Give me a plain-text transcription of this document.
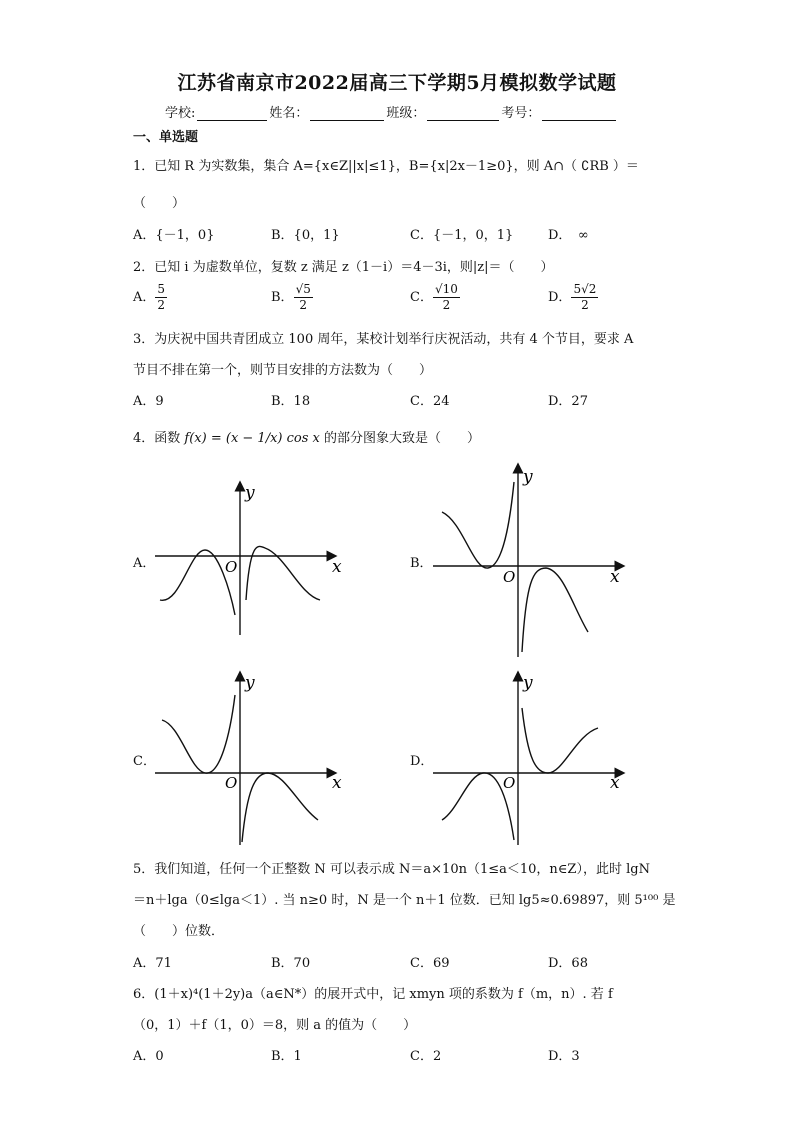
江苏省南京市2022届高三下学期5月模拟数学试题
学校:	姓名：	班级：	考号：
一、单选题
1．已知 R 为实数集，集合 A={x∈Z||x|≤1}，B={x|2x－1≥0}，则 A∩（ ∁RB ）＝
（　　）
A．{－1，0}	B．{0，1}	C．{－1，0，1}	D．　∞
2．已知 i 为虚数单位，复数 z 满足 z（1－i）＝4－3i，则|z|＝（　　）
A． $\frac{5}{2}$	B． $\frac{√5}{2}$	C． $\frac{√10}{2}$	D． $\frac{5√2}{2}$
3．为庆祝中国共青团成立 100 周年，某校计划举行庆祝活动，共有 4 个节目，要求 A
节目不排在第一个，则节目安排的方法数为（　　）
A．9	B．18	C．24	D．27
4．函数 f(x) = (x − 1/x) cos x 的部分图象大致是（　　）
A．	B．
C．	D．
y
x
O
y
x
O
y
x
O
y
x
O
5．我们知道，任何一个正整数 N 可以表示成 N＝a×10n（1≤a＜10，n∈Z），此时 lgN
＝n＋lga（0≤lga＜1）. 当 n≥0 时，N 是一个 n＋1 位数．已知 lg5≈0.69897，则 5¹⁰⁰ 是
（　　）位数．
A．71	B．70	C．69	D．68
6．(1＋x)⁴(1＋2y)a（a∈N*）的展开式中，记 xmyn 项的系数为 f（m，n）. 若 f
（0，1）＋f（1，0）＝8，则 a 的值为（　　）
A．0	B．1	C．2	D．3
